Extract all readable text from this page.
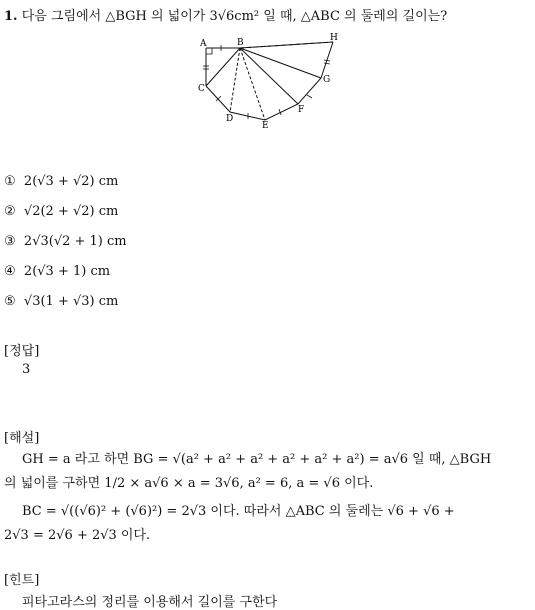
1. 다음 그림에서 △BGH 의 넓이가 3√6cm² 일 때, △ABC 의 둘레의 길이는?
A	B	H
G
F
E
D
C
① 2(√3 + √2) cm
② √2(2 + √2) cm
③ 2√3(√2 + 1) cm
④ 2(√3 + 1) cm
⑤ √3(1 + √3) cm
[정답]
3
[해설]
GH = a 라고 하면 BG = √(a² + a² + a² + a² + a² + a²) = a√6 일 때, △BGH
의 넓이를 구하면 1/2 × a√6 × a = 3√6, a² = 6, a = √6 이다.
BC = √((√6)² + (√6)²) = 2√3 이다. 따라서 △ABC 의 둘레는 √6 + √6 +
2√3 = 2√6 + 2√3 이다.
[힌트]
피타고라스의 정리를 이용해서 길이를 구한다
